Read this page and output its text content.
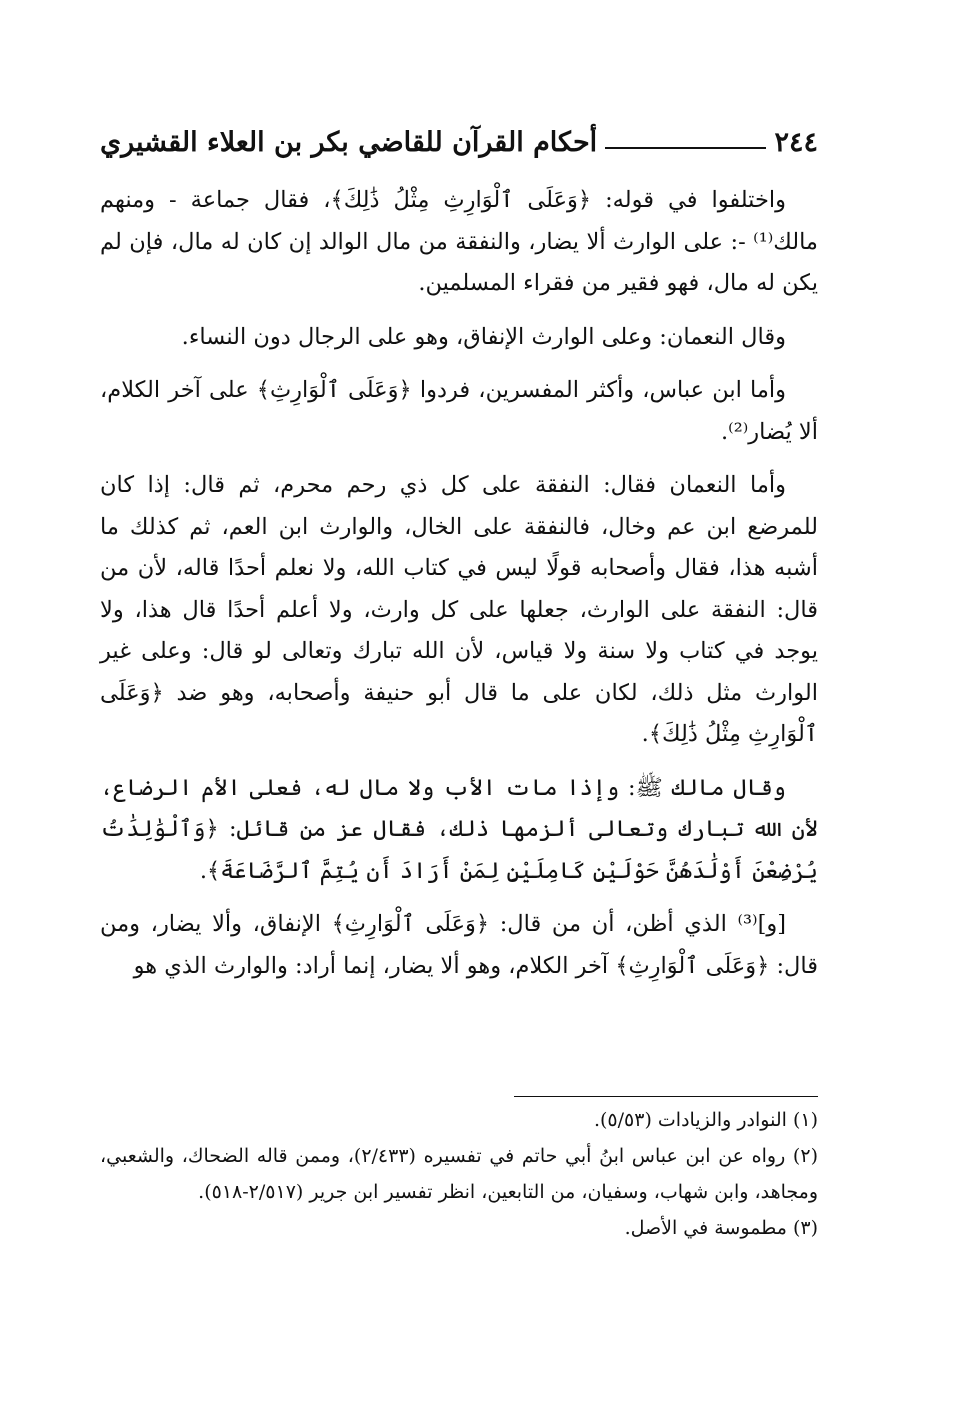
٢٤٤
أحكام القرآن للقاضي بكر بن العلاء القشيري

واختلفوا في قوله: ﴿وَعَلَى ٱلْوَارِثِ مِثْلُ ذَٰلِكَ﴾، فقال جماعة - ومنهم مالك⁽¹⁾ -: على الوارث ألا يضار، والنفقة من مال الوالد إن كان له مال، فإن لم يكن له مال، فهو فقير من فقراء المسلمين.

وقال النعمان: وعلى الوارث الإنفاق، وهو على الرجال دون النساء.

وأما ابن عباس، وأكثر المفسرين، فردوا ﴿وَعَلَى ٱلْوَارِثِ﴾ على آخر الكلام، ألا يُضار⁽²⁾.

وأما النعمان فقال: النفقة على كل ذي رحم محرم، ثم قال: إذا كان للمرضع ابن عم وخال، فالنفقة على الخال، والوارث ابن العم، ثم كذلك ما أشبه هذا، فقال وأصحابه قولًا ليس في كتاب الله، ولا نعلم أحدًا قاله، لأن من قال: النفقة على الوارث، جعلها على كل وارث، ولا أعلم أحدًا قال هذا، ولا يوجد في كتاب ولا سنة ولا قياس، لأن الله تبارك وتعالى لو قال: وعلى غير الوارث مثل ذلك، لكان على ما قال أبو حنيفة وأصحابه، وهو ضد ﴿وَعَلَى ٱلْوَارِثِ مِثْلُ ذَٰلِكَ﴾.

وقال مالك ﷺ: وإذا مات الأب ولا مال له، فعلى الأم الرضاع، لأن الله تبارك وتعالى ألزمها ذلك، فقال عز من قائل: ﴿وَٱلْوَٰلِدَٰتُ يُرْضِعْنَ أَوْلَٰدَهُنَّ حَوْلَيْنِ كَامِلَيْنِ لِمَنْ أَرَادَ أَن يُتِمَّ ٱلرَّضَاعَةَ﴾.

[و]⁽³⁾ الذي أظن، أن من قال: ﴿وَعَلَى ٱلْوَارِثِ﴾ الإنفاق، وألا يضار، ومن قال: ﴿وَعَلَى ٱلْوَارِثِ﴾ آخر الكلام، وهو ألا يضار، إنما أراد: والوارث الذي هو

(١) النوادر والزيادات (٥/٥٣).

(٢) رواه عن ابن عباس ابنُ أبي حاتم في تفسيره (٢/٤٣٣)، وممن قاله الضحاك، والشعبي، ومجاهد، وابن شهاب، وسفيان، من التابعين، انظر تفسير ابن جرير (٢/٥١٧-٥١٨).

(٣) مطموسة في الأصل.
